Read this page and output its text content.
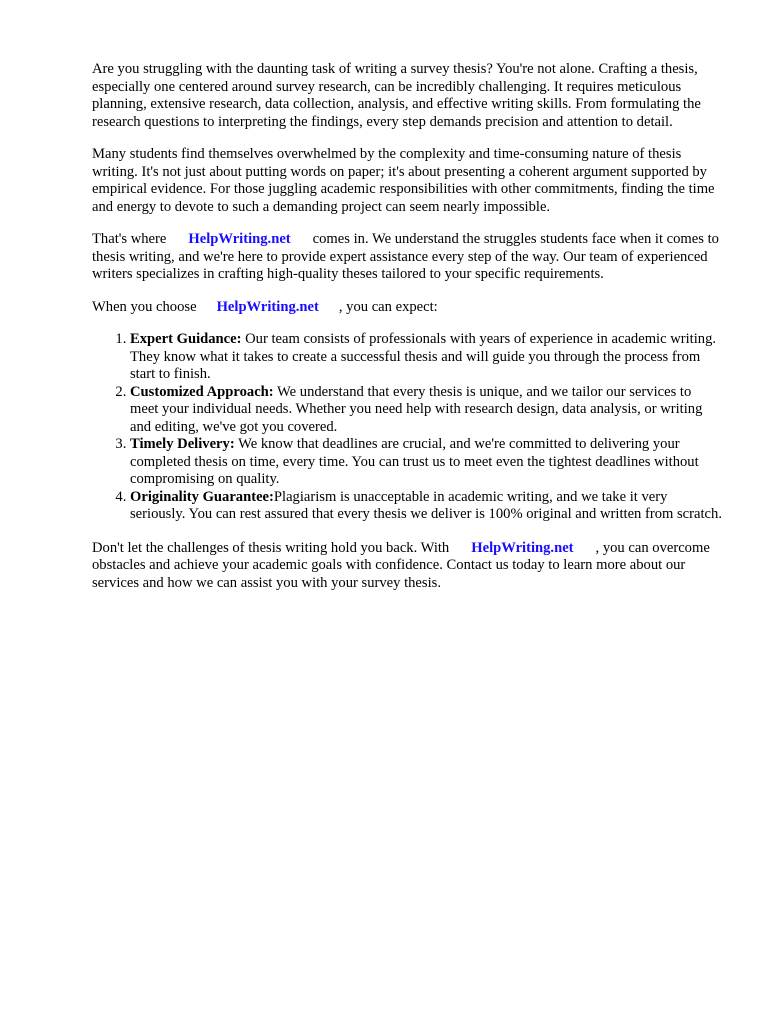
Are you struggling with the daunting task of writing a survey thesis? You're not alone. Crafting a thesis, especially one centered around survey research, can be incredibly challenging. It requires meticulous planning, extensive research, data collection, analysis, and effective writing skills. From formulating the research questions to interpreting the findings, every step demands precision and attention to detail.

Many students find themselves overwhelmed by the complexity and time-consuming nature of thesis writing. It's not just about putting words on paper; it's about presenting a coherent argument supported by empirical evidence. For those juggling academic responsibilities with other commitments, finding the time and energy to devote to such a demanding project can seem nearly impossible.

That's where HelpWriting.net comes in. We understand the struggles students face when it comes to thesis writing, and we're here to provide expert assistance every step of the way. Our team of experienced writers specializes in crafting high-quality theses tailored to your specific requirements.

When you choose HelpWriting.net , you can expect:

1. Expert Guidance: Our team consists of professionals with years of experience in academic writing. They know what it takes to create a successful thesis and will guide you through the process from start to finish.
2. Customized Approach: We understand that every thesis is unique, and we tailor our services to meet your individual needs. Whether you need help with research design, data analysis, or writing and editing, we've got you covered.
3. Timely Delivery: We know that deadlines are crucial, and we're committed to delivering your completed thesis on time, every time. You can trust us to meet even the tightest deadlines without compromising on quality.
4. Originality Guarantee:Plagiarism is unacceptable in academic writing, and we take it very seriously. You can rest assured that every thesis we deliver is 100% original and written from scratch.

Don't let the challenges of thesis writing hold you back. With HelpWriting.net , you can overcome obstacles and achieve your academic goals with confidence. Contact us today to learn more about our services and how we can assist you with your survey thesis.
